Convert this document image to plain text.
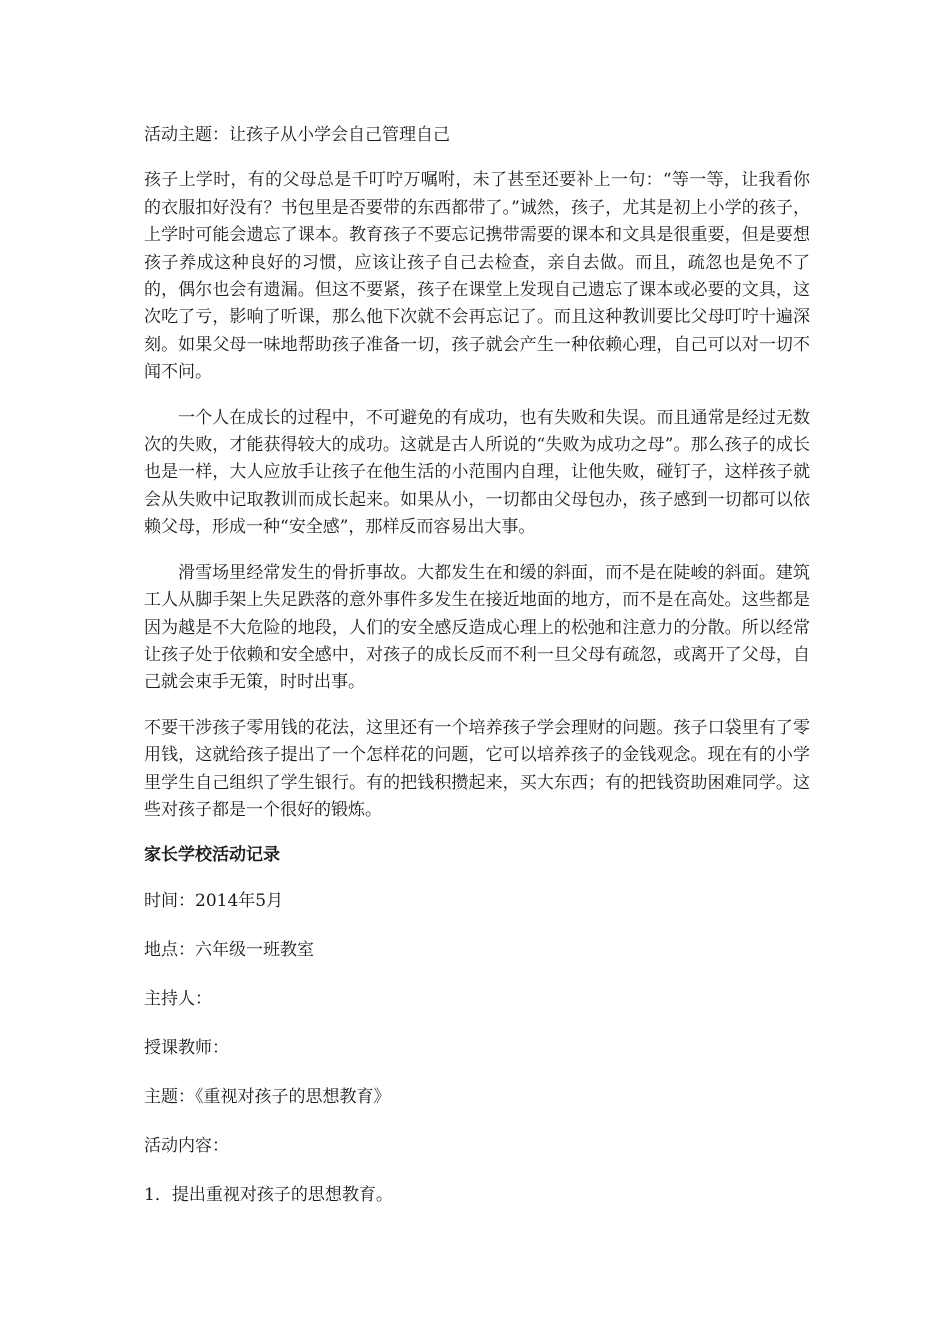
活动主题：让孩子从小学会自己管理自己

孩子上学时，有的父母总是千叮咛万嘱咐，未了甚至还要补上一句：“等一等，让我看你的衣服扣好没有？书包里是否要带的东西都带了。”诚然，孩子，尤其是初上小学的孩子，上学时可能会遗忘了课本。教育孩子不要忘记携带需要的课本和文具是很重要，但是要想孩子养成这种良好的习惯，应该让孩子自己去检查，亲自去做。而且，疏忽也是免不了的，偶尔也会有遗漏。但这不要紧，孩子在课堂上发现自己遗忘了课本或必要的文具，这次吃了亏，影响了听课，那么他下次就不会再忘记了。而且这种教训要比父母叮咛十遍深刻。如果父母一味地帮助孩子准备一切，孩子就会产生一种依赖心理，自己可以对一切不闻不问。

一个人在成长的过程中，不可避免的有成功，也有失败和失误。而且通常是经过无数次的失败，才能获得较大的成功。这就是古人所说的“失败为成功之母”。那么孩子的成长也是一样，大人应放手让孩子在他生活的小范围内自理，让他失败，碰钉子，这样孩子就会从失败中记取教训而成长起来。如果从小，一切都由父母包办，孩子感到一切都可以依赖父母，形成一种“安全感”，那样反而容易出大事。

滑雪场里经常发生的骨折事故。大都发生在和缓的斜面，而不是在陡峻的斜面。建筑工人从脚手架上失足跌落的意外事件多发生在接近地面的地方，而不是在高处。这些都是因为越是不大危险的地段，人们的安全感反造成心理上的松弛和注意力的分散。所以经常让孩子处于依赖和安全感中，对孩子的成长反而不利一旦父母有疏忽，或离开了父母，自己就会束手无策，时时出事。

不要干涉孩子零用钱的花法，这里还有一个培养孩子学会理财的问题。孩子口袋里有了零用钱，这就给孩子提出了一个怎样花的问题，它可以培养孩子的金钱观念。现在有的小学里学生自己组织了学生银行。有的把钱积攒起来，买大东西；有的把钱资助困难同学。这些对孩子都是一个很好的锻炼。

家长学校活动记录

时间：2014年5月

地点：六年级一班教室

主持人：

授课教师：

主题：《重视对孩子的思想教育》

活动内容：

1．提出重视对孩子的思想教育。
